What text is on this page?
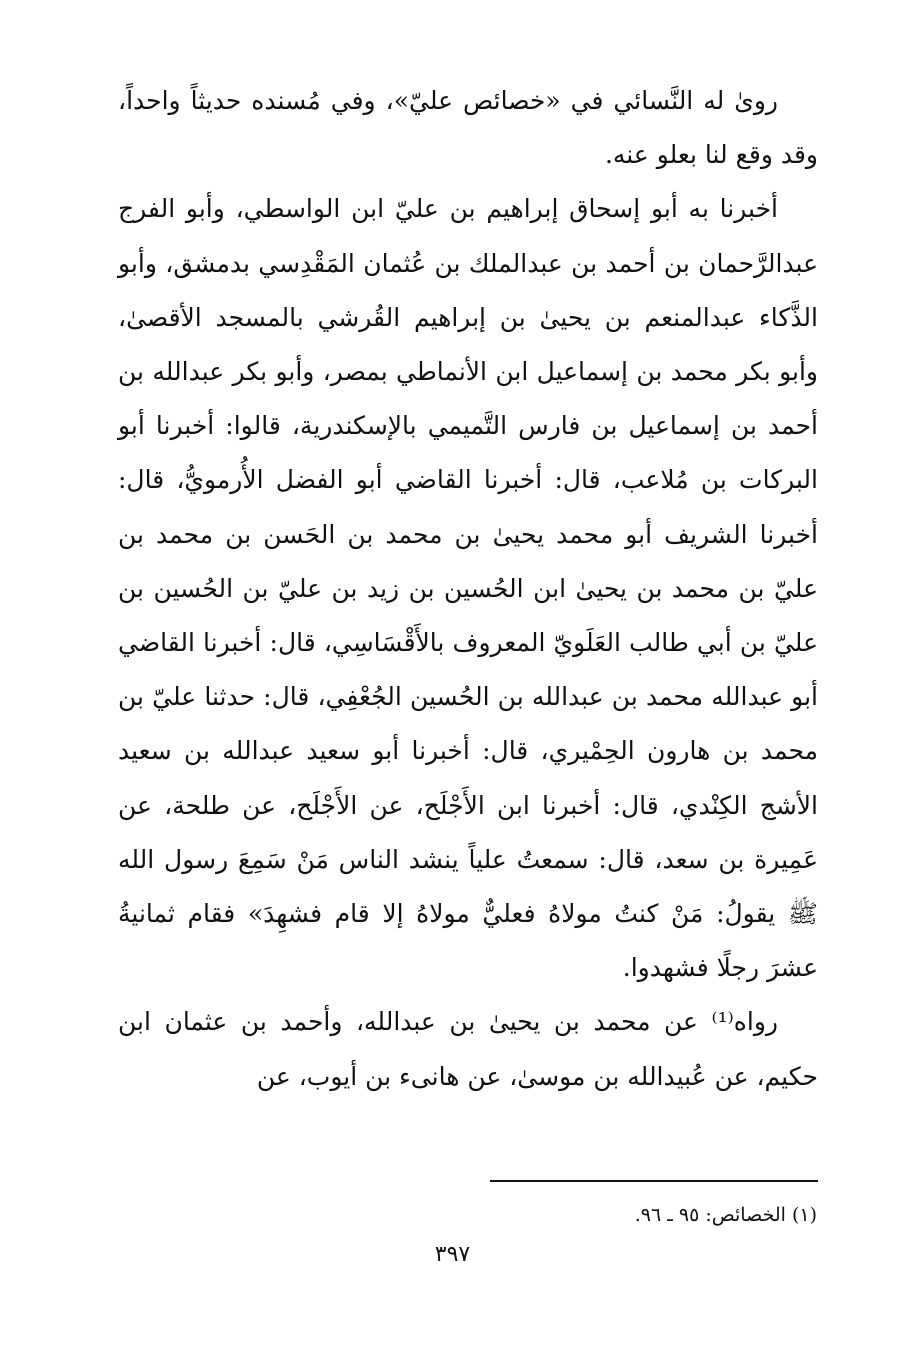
روىٰ له النَّسائي في «خصائص عليّ»، وفي مُسنده حديثاً واحداً، وقد وقع لنا بعلو عنه.

أخبرنا به أبو إسحاق إبراهيم بن عليّ ابن الواسطي، وأبو الفرج عبدالرَّحمان بن أحمد بن عبدالملك بن عُثمان المَقْدِسي بدمشق، وأبو الذَّكاء عبدالمنعم بن يحيىٰ بن إبراهيم القُرشي بالمسجد الأقصىٰ، وأبو بكر محمد بن إسماعيل ابن الأنماطي بمصر، وأبو بكر عبدالله بن أحمد بن إسماعيل بن فارس التَّميمي بالإسكندرية، قالوا: أخبرنا أبو البركات بن مُلاعب، قال: أخبرنا القاضي أبو الفضل الأُرمويُّ، قال: أخبرنا الشريف أبو محمد يحيىٰ بن محمد بن الحَسن بن محمد بن عليّ بن محمد بن يحيىٰ ابن الحُسين بن زيد بن عليّ بن الحُسين بن عليّ بن أبي طالب العَلَويّ المعروف بالأَقْسَاسِي، قال: أخبرنا القاضي أبو عبدالله محمد بن عبدالله بن الحُسين الجُعْفِي، قال: حدثنا عليّ بن محمد بن هارون الحِمْيري، قال: أخبرنا أبو سعيد عبدالله بن سعيد الأشج الكِنْدي، قال: أخبرنا ابن الأَجْلَح، عن الأَجْلَح، عن طلحة، عن عَمِيرة بن سعد، قال: سمعتُ علياً ينشد الناس مَنْ سَمِعَ رسول الله ﷺ يقولُ: مَنْ كنتُ مولاهُ فعليٌّ مولاهُ إلا قام فشهِدَ» فقام ثمانيةُ عشرَ رجلًا فشهدوا.

رواه⁽¹⁾ عن محمد بن يحيىٰ بن عبدالله، وأحمد بن عثمان ابن حكيم، عن عُبيدالله بن موسىٰ، عن هانىء بن أيوب، عن

(١) الخصائص: ٩٥ ـ ٩٦.

٣٩٧
